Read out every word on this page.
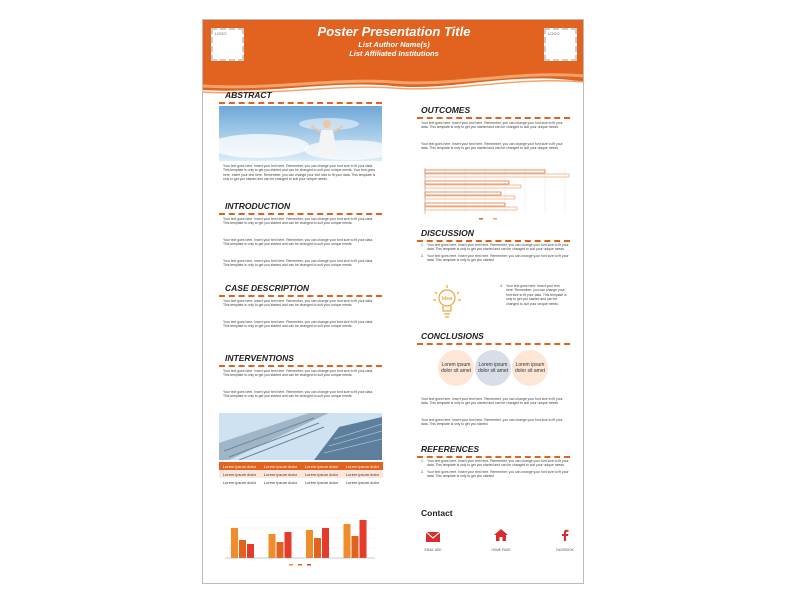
LOGO	LOGO
Poster Presentation Title
List Author Name(s)
List Affiliated Institutions
ABSTRACT
Your text goes here. Insert your text here. Remember, you can change your font size to fit your data. This template is only to get you started and can be changed to suit your unique needs. Your text goes here. Insert your text here. Remember, you can change your font size to fit your data. This template is only to get you started and can be changed to suit your unique needs.
INTRODUCTION
Your text goes here. Insert your text here. Remember, you can change your font size to fit your data. This template is only to get you started and can be changed to suit your unique needs.
Your text goes here. Insert your text here. Remember, you can change your font size to fit your data. This template is only to get you started and can be changed to suit your unique needs.
Your text goes here. Insert your text here. Remember, you can change your font size to fit your data. This template is only to get you started and can be changed to suit your unique needs.
CASE DESCRIPTION
Your text goes here. Insert your text here. Remember, you can change your font size to fit your data. This template is only to get you started and can be changed to suit your unique needs.
Your text goes here. Insert your text here. Remember, you can change your font size to fit your data. This template is only to get you started and can be changed to suit your unique needs.
INTERVENTIONS
Your text goes here. Insert your text here. Remember, you can change your font size to fit your data. This template is only to get you started and can be changed to suit your unique needs.
Your text goes here. Insert your text here. Remember, you can change your font size to fit your data. This template is only to get you started and can be changed to suit your unique needs.
Lorem ipsum dolor	Lorem ipsum dolor	Lorem ipsum dolor	Lorem ipsum dolor
Lorem ipsum dolor	Lorem ipsum dolor	Lorem ipsum dolor	Lorem ipsum dolor
Lorem ipsum dolor	Lorem ipsum dolor	Lorem ipsum dolor	Lorem ipsum dolor
OUTCOMES
Your text goes here. Insert your text here. Remember, you can change your font size to fit your data. This template is only to get you started and can be changed to suit your unique needs.
Your text goes here. Insert your text here. Remember, you can change your font size to fit your data. This template is only to get you started and can be changed to suit your unique needs.
DISCUSSION
1. Your text goes here. Insert your text here. Remember, you can change your font size to fit your data. This template is only to get you started and can be changed to suit your unique needs.
2. Your text goes here. Insert your text here. Remember, you can change your font size to fit your data. This template is only to get you started.
Idea
3. Your text goes here. Insert your text here. Remember, you can change your font size to fit your data. This template is only to get you started and can be changed to suit your unique needs.
CONCLUSIONS
Lorem ipsum dolor sit amet
Lorem ipsum dolor sit amet
Lorem ipsum dolor sit amet
Your text goes here. Insert your text here. Remember, you can change your font size to fit your data. This template is only to get you started and can be changed to suit your unique needs.
Your text goes here. Insert your text here. Remember, you can change your font size to fit your data. This template is only to get you started.
REFERENCES
1. Your text goes here. Insert your text here. Remember, you can change your font size to fit your data. This template is only to get you started and can be changed to suit your unique needs.
2. Your text goes here. Insert your text here. Remember, you can change your font size to fit your data. This template is only to get you started.
Contact
EMAIL ADD	HOME PAGE	FACEBOOK
